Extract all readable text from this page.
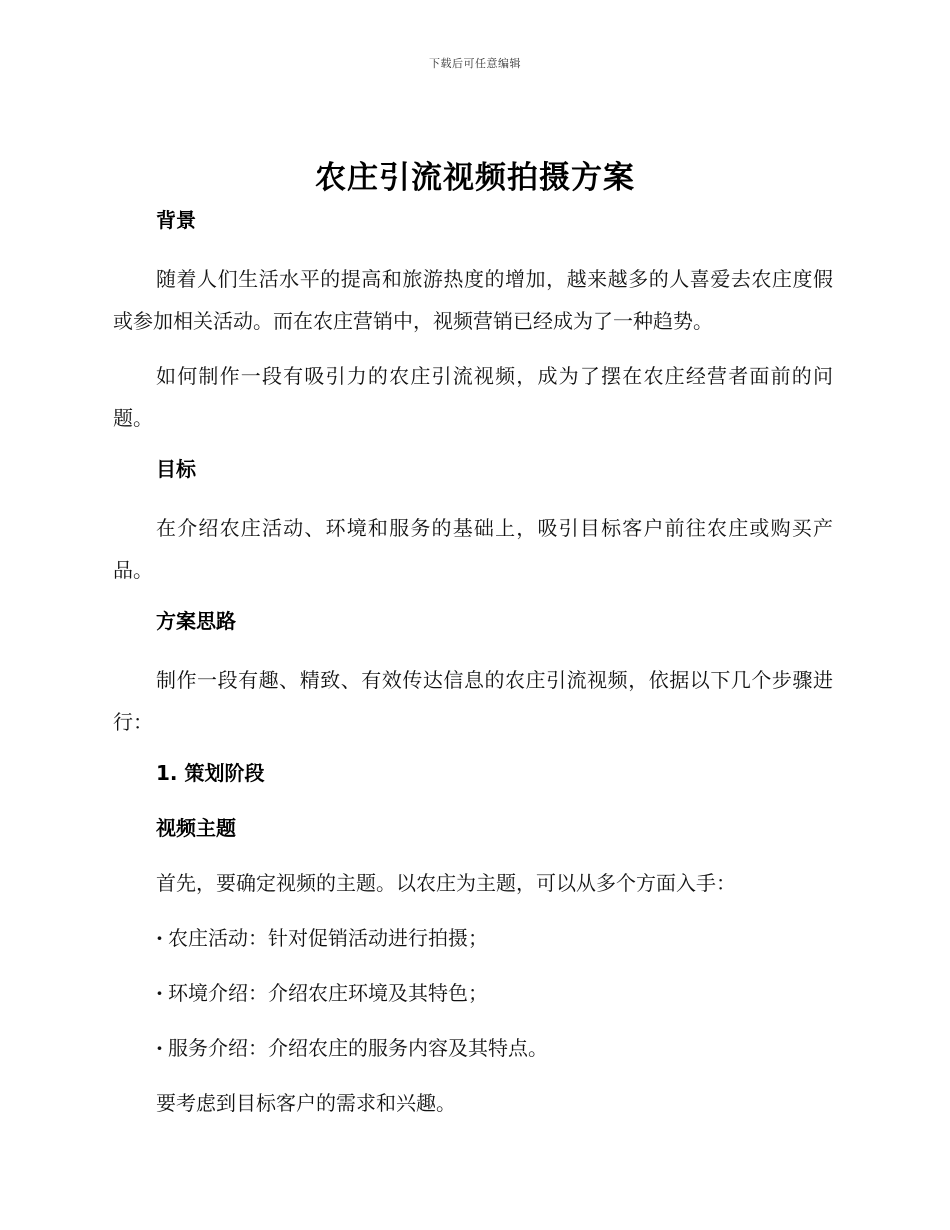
下载后可任意编辑
农庄引流视频拍摄方案
背景
随着人们生活水平的提高和旅游热度的增加，越来越多的人喜爱去农庄度假或参加相关活动。而在农庄营销中，视频营销已经成为了一种趋势。
如何制作一段有吸引力的农庄引流视频，成为了摆在农庄经营者面前的问题。
目标
在介绍农庄活动、环境和服务的基础上，吸引目标客户前往农庄或购买产品。
方案思路
制作一段有趣、精致、有效传达信息的农庄引流视频，依据以下几个步骤进行：
1. 策划阶段
视频主题
首先，要确定视频的主题。以农庄为主题，可以从多个方面入手：
· 农庄活动：针对促销活动进行拍摄；
· 环境介绍：介绍农庄环境及其特色；
· 服务介绍：介绍农庄的服务内容及其特点。
要考虑到目标客户的需求和兴趣。
